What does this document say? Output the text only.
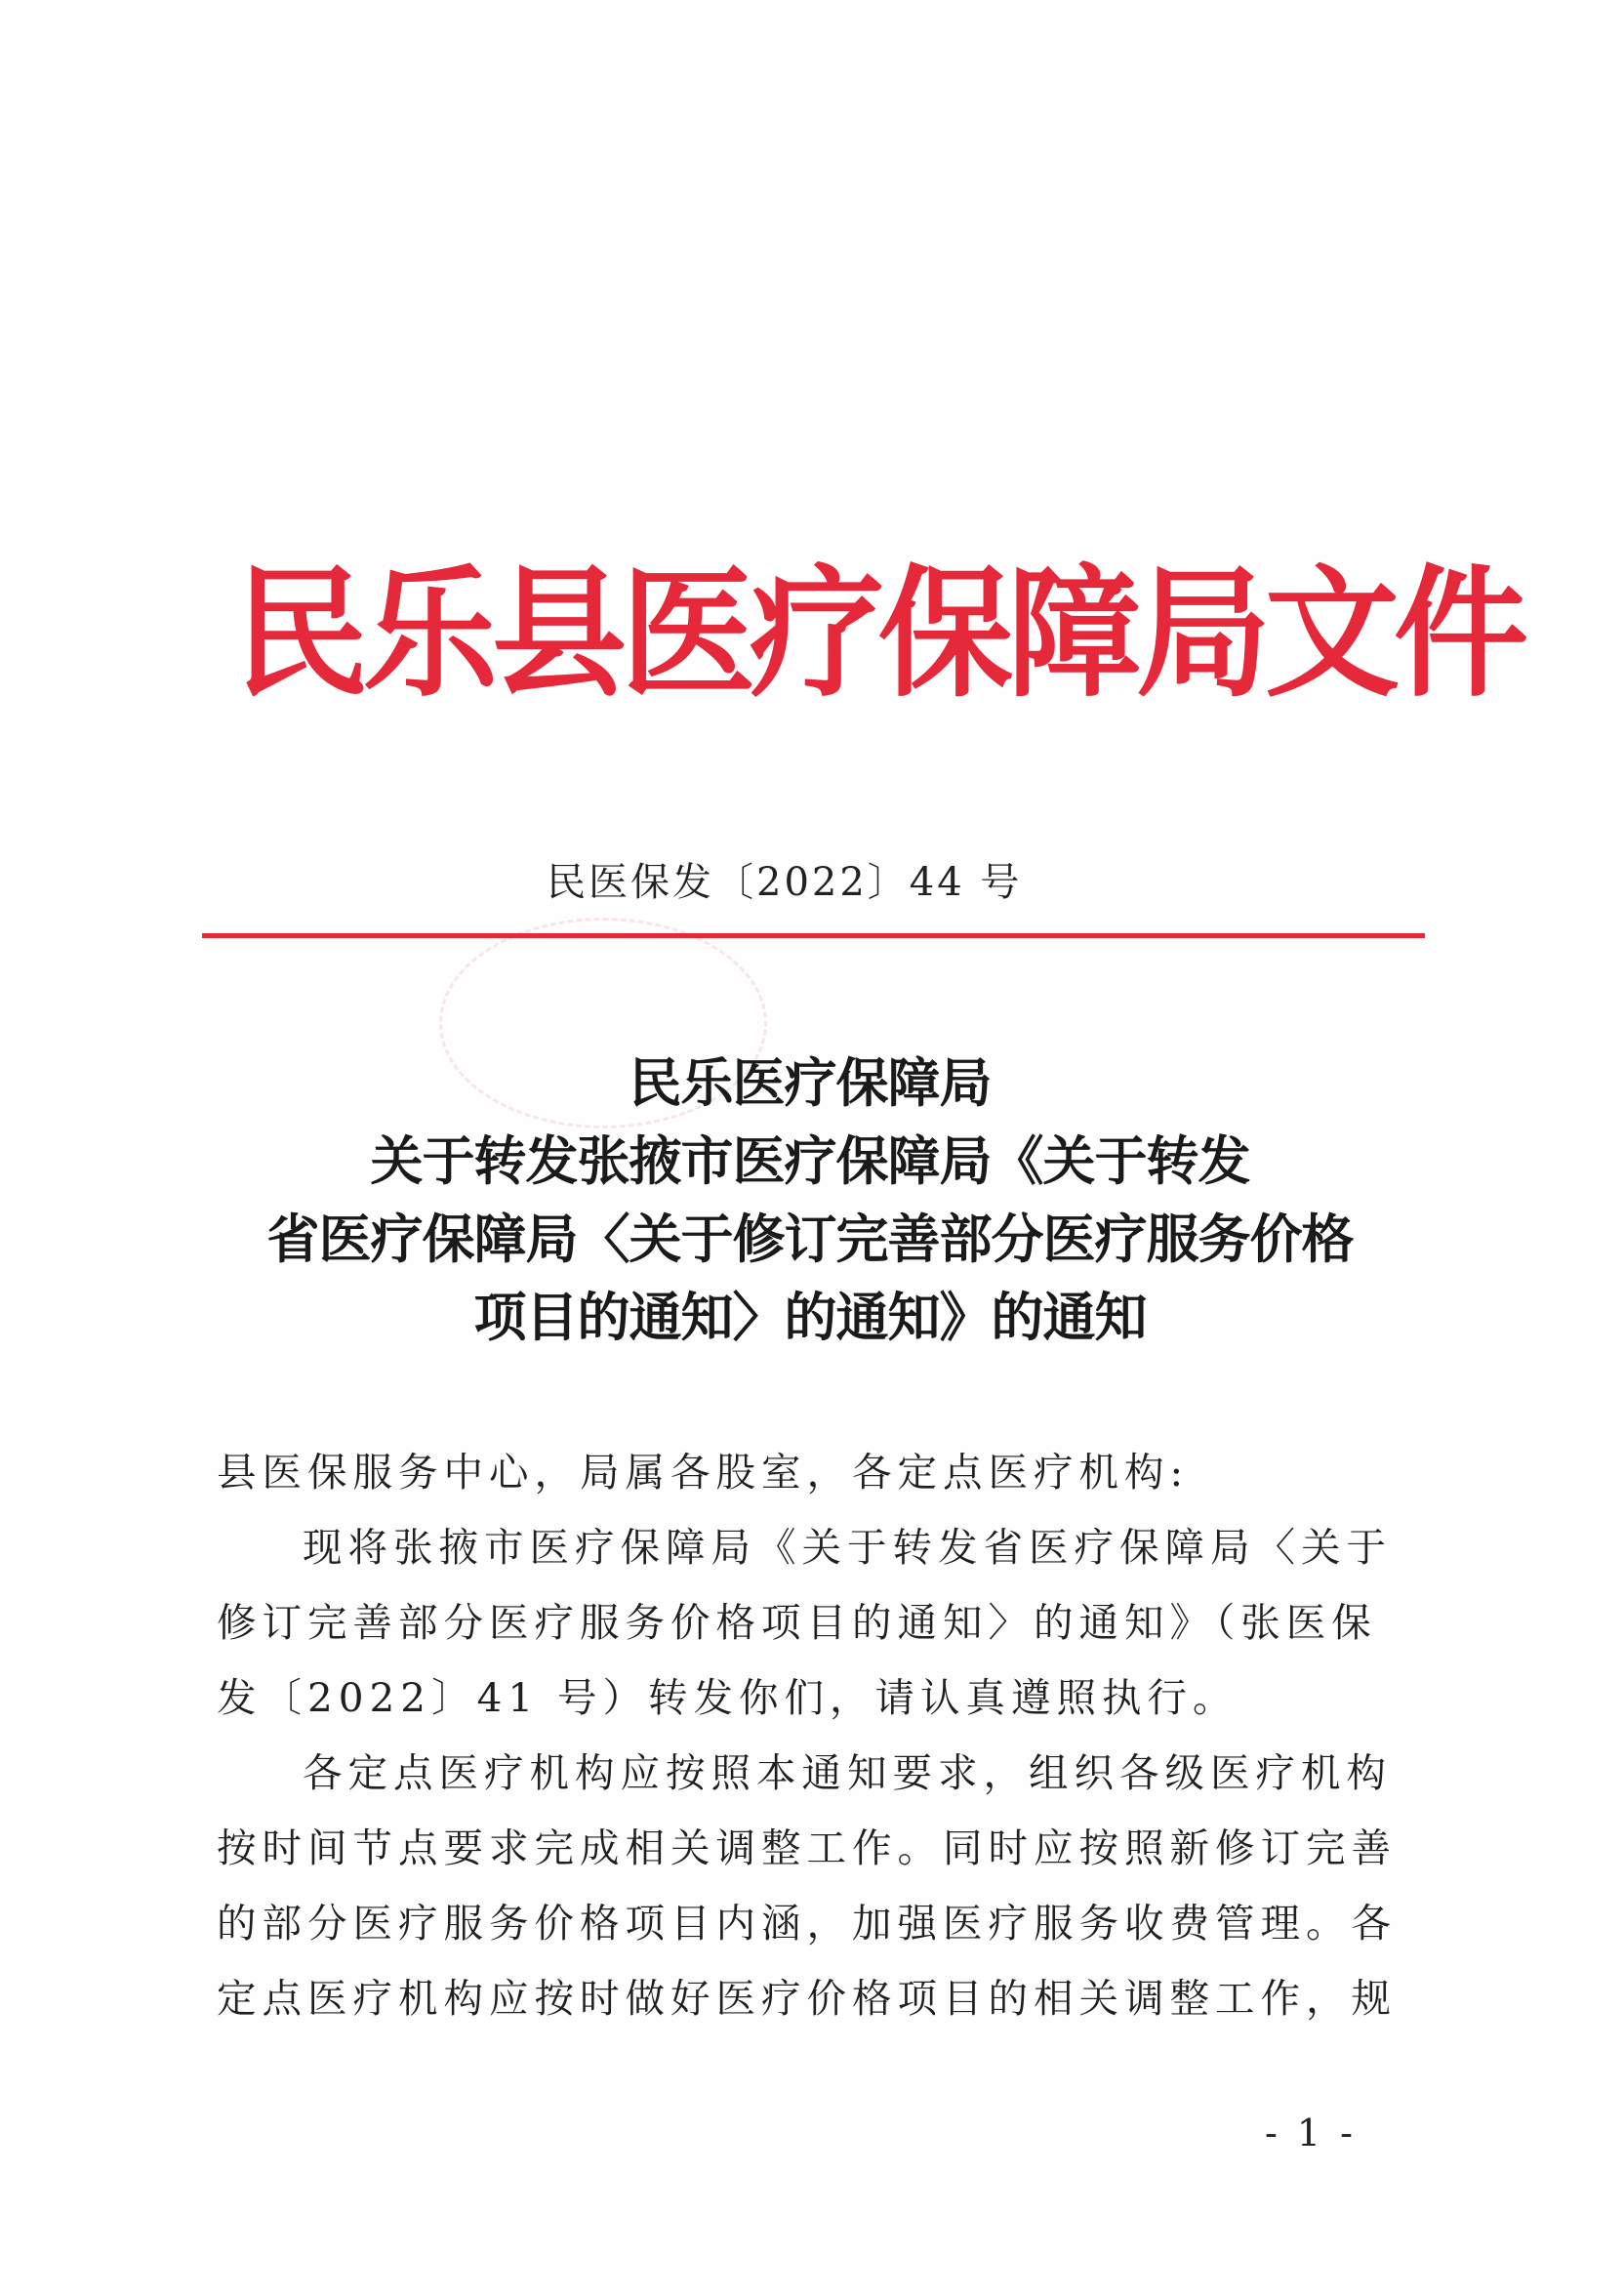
民乐县医疗保障局文件
民医保发〔2022〕44 号
民乐医疗保障局
关于转发张掖市医疗保障局《关于转发
省医疗保障局〈关于修订完善部分医疗服务价格
项目的通知〉的通知》的通知
县医保服务中心，局属各股室，各定点医疗机构:
现将张掖市医疗保障局《关于转发省医疗保障局〈关于
修订完善部分医疗服务价格项目的通知〉的通知》（张医保
发〔2022〕41 号）转发你们，请认真遵照执行。
各定点医疗机构应按照本通知要求，组织各级医疗机构
按时间节点要求完成相关调整工作。同时应按照新修订完善
的部分医疗服务价格项目内涵，加强医疗服务收费管理。各
定点医疗机构应按时做好医疗价格项目的相关调整工作，规
- 1 -
